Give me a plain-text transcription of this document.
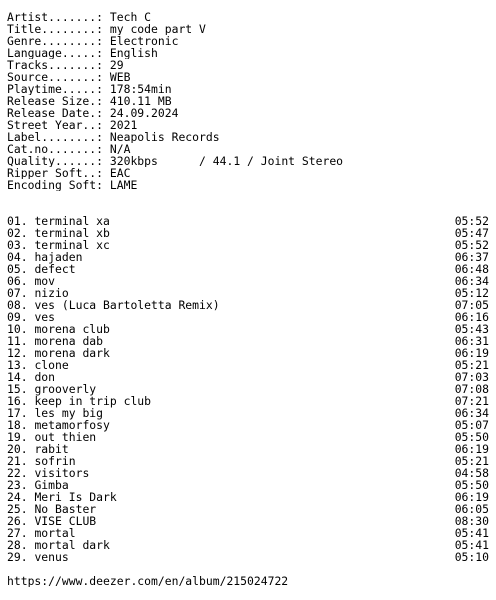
Artist.......: Tech C
Title........: my code part V
Genre........: Electronic
Language.....: English
Tracks.......: 29
Source.......: WEB
Playtime.....: 178:54min
Release Size.: 410.11 MB
Release Date.: 24.09.2024
Street Year..: 2021
Label........: Neapolis Records
Cat.no.......: N/A
Quality......: 320kbps      / 44.1 / Joint Stereo
Ripper Soft..: EAC
Encoding Soft: LAME
01. terminal xa	05:52
02. terminal xb	05:47
03. terminal xc	05:52
04. hajaden	06:37
05. defect	06:48
06. mov	06:34
07. nizio	05:12
08. ves (Luca Bartoletta Remix)	07:05
09. ves	06:16
10. morena club	05:43
11. morena dab	06:31
12. morena dark	06:19
13. clone	05:21
14. don	07:03
15. grooverly	07:08
16. keep in trip club	07:21
17. les my big	06:34
18. metamorfosy	05:07
19. out thien	05:50
20. rabit	06:19
21. sofrin	05:21
22. visitors	04:58
23. Gimba	05:50
24. Meri Is Dark	06:19
25. No Baster	06:05
26. VISE CLUB	08:30
27. mortal	05:41
28. mortal dark	05:41
29. venus	05:10
https://www.deezer.com/en/album/215024722
